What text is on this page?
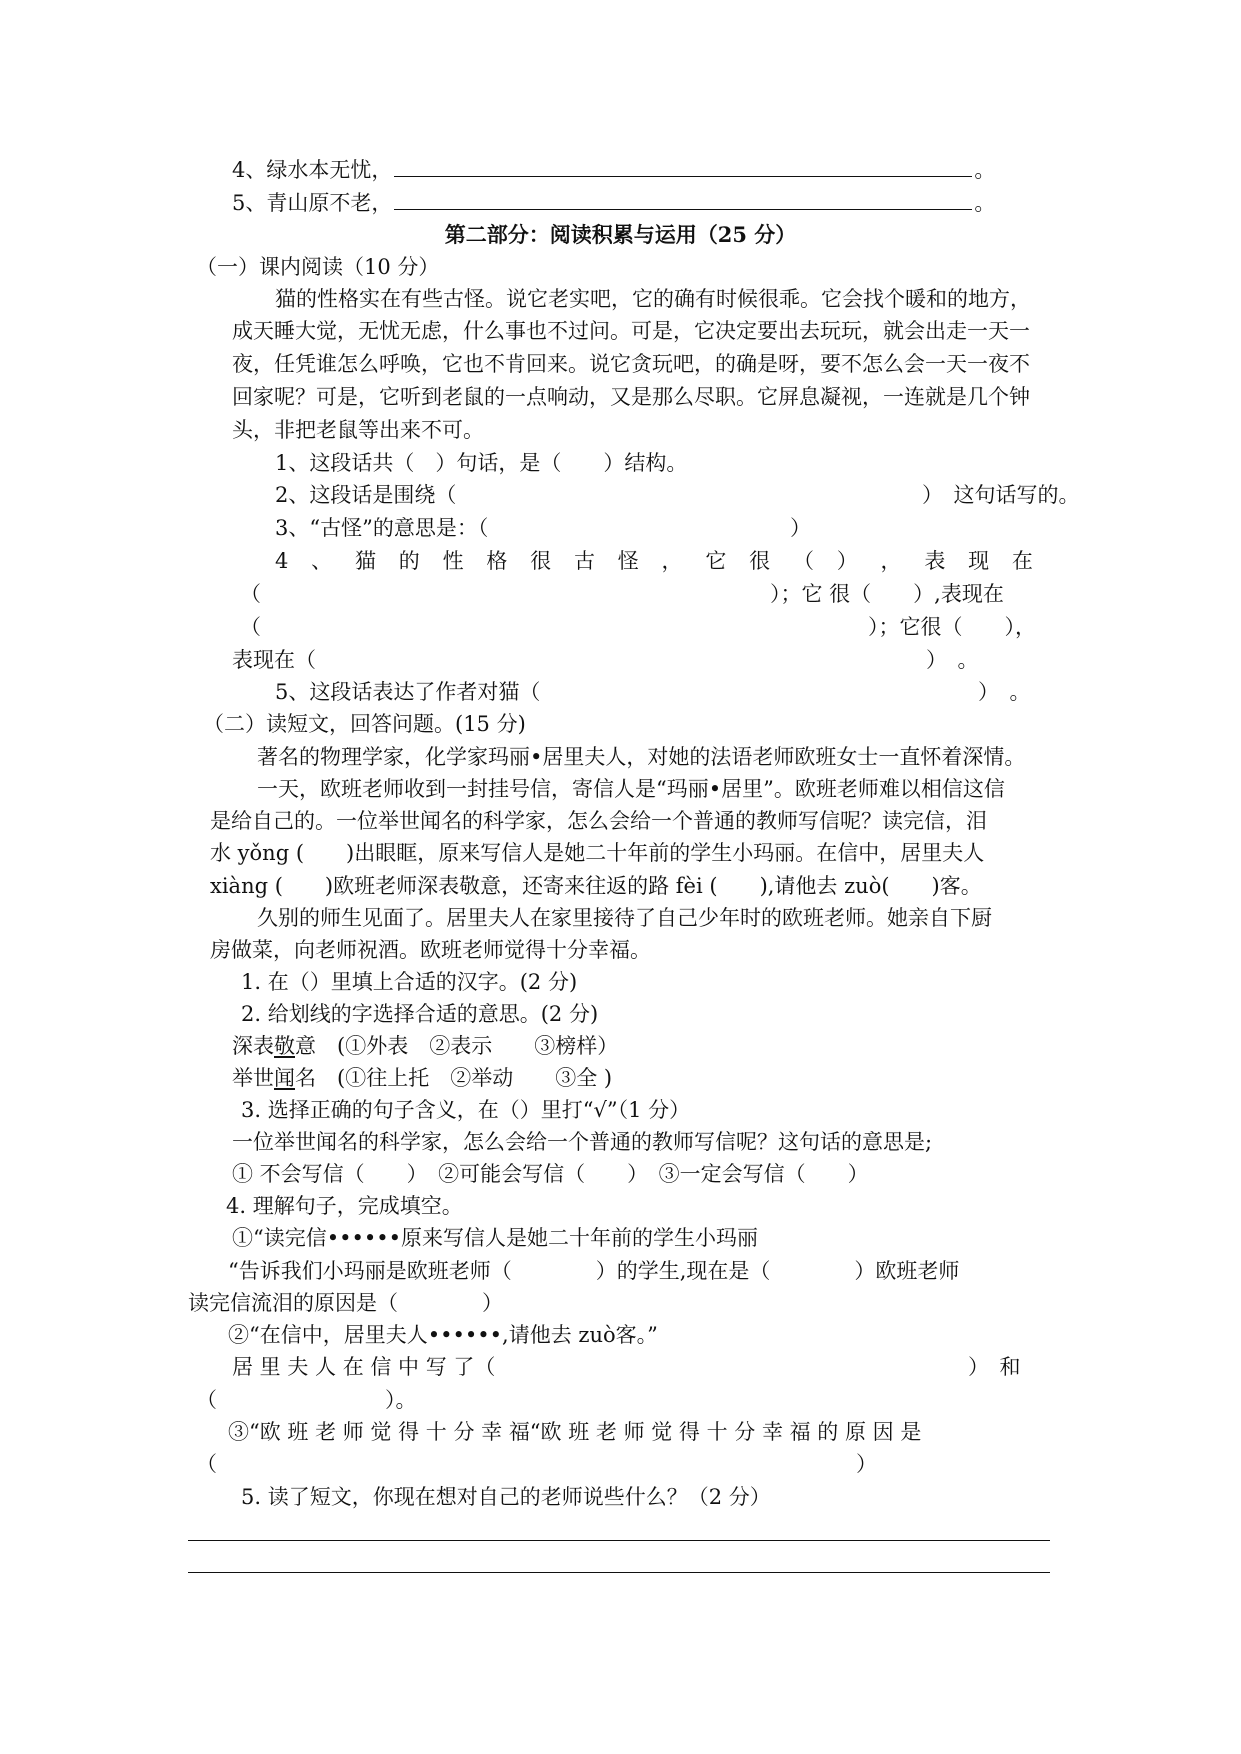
4、绿水本无忧，	。
5、青山原不老，	。
第二部分：阅读积累与运用（25 分）
（一）课内阅读（10 分）
猫的性格实在有些古怪。说它老实吧，它的确有时候很乖。它会找个暖和的地方，
成天睡大觉，无忧无虑，什么事也不过问。可是，它决定要出去玩玩，就会出走一天一
夜，任凭谁怎么呼唤，它也不肯回来。说它贪玩吧，的确是呀，要不怎么会一天一夜不
回家呢？可是，它听到老鼠的一点响动，又是那么尽职。它屏息凝视，一连就是几个钟
头，非把老鼠等出来不可。
1、这段话共（　）句话，是（　　）结构。
2、这段话是围绕（	）　这句话写的。
3、“古怪”的意思是：（	）
4 、 猫 的 性 格 很 古 怪 ， 它 很 （ ） ， 表 现 在
（	）；它 很（　　）,表现在
（	）；它很（　　），
表现在（	）　。
5、这段话表达了作者对猫（	）　。
（二）读短文，回答问题。(15 分)
著名的物理学家，化学家玛丽•居里夫人，对她的法语老师欧班女士一直怀着深情。
一天，欧班老师收到一封挂号信，寄信人是“玛丽•居里”。欧班老师难以相信这信
是给自己的。一位举世闻名的科学家，怎么会给一个普通的教师写信呢？读完信，泪
水 yǒng (　　)出眼眶，原来写信人是她二十年前的学生小玛丽。在信中，居里夫人
xiàng (　　)欧班老师深表敬意，还寄来往返的路 fèi (　　),请他去 zuò(　　)客。
久别的师生见面了。居里夫人在家里接待了自己少年时的欧班老师。她亲自下厨
房做菜，向老师祝酒。欧班老师觉得十分幸福。
1. 在（）里填上合适的汉字。(2 分)
2. 给划线的字选择合适的意思。(2 分)
深表敬意　(①外表　②表示　　③榜样）
举世闻名　(①往上托　②举动　　③全 )
3. 选择正确的句子含义，在（）里打“√”（1 分）
一位举世闻名的科学家，怎么会给一个普通的教师写信呢？这句话的意思是;
① 不会写信（　　）　②可能会写信（　　）　③一定会写信（　　）
4. 理解句子，完成填空。
①“读完信••••••原来写信人是她二十年前的学生小玛丽
“告诉我们小玛丽是欧班老师（　　　　）的学生,现在是（　　　　）欧班老师
读完信流泪的原因是（　　　　）
②“在信中，居里夫人••••••,请他去 zuò客。”
居 里 夫 人 在 信 中 写 了（	）　和
（　　　　　　　　）。
③“欧 班 老 师 觉 得 十 分 幸 福“欧 班 老 师 觉 得 十 分 幸 福 的 原 因 是
（	）
5. 读了短文，你现在想对自己的老师说些什么？（2 分）
